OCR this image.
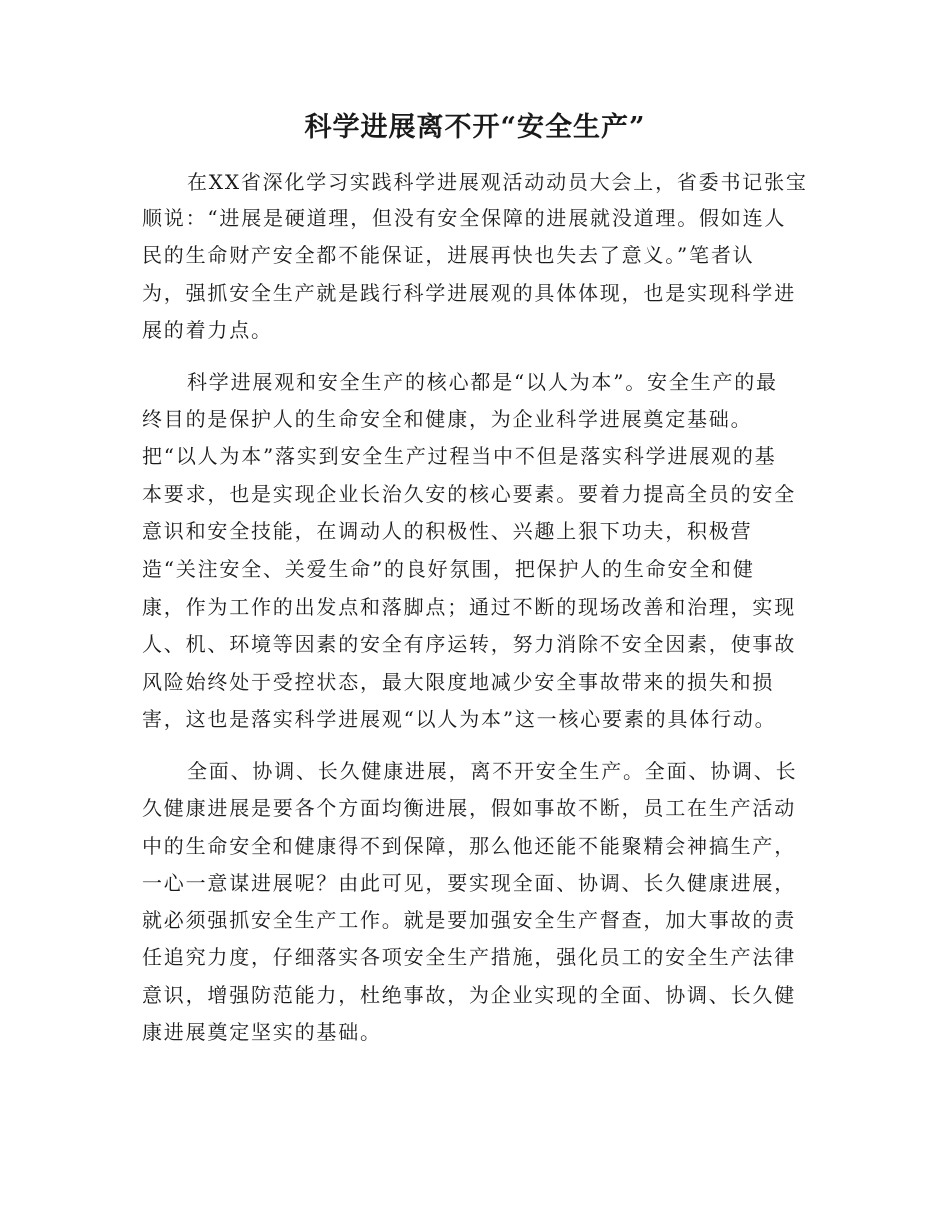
科学进展离不开“安全生产”
在XX省深化学习实践科学进展观活动动员大会上，省委书记张宝
顺说：“进展是硬道理，但没有安全保障的进展就没道理。假如连人
民的生命财产安全都不能保证，进展再快也失去了意义。”笔者认
为，强抓安全生产就是践行科学进展观的具体体现，也是实现科学进
展的着力点。
科学进展观和安全生产的核心都是“以人为本”。安全生产的最
终目的是保护人的生命安全和健康，为企业科学进展奠定基础。
把“以人为本”落实到安全生产过程当中不但是落实科学进展观的基
本要求，也是实现企业长治久安的核心要素。要着力提高全员的安全
意识和安全技能，在调动人的积极性、兴趣上狠下功夫，积极营
造“关注安全、关爱生命”的良好氛围，把保护人的生命安全和健
康，作为工作的出发点和落脚点；通过不断的现场改善和治理，实现
人、机、环境等因素的安全有序运转，努力消除不安全因素，使事故
风险始终处于受控状态，最大限度地减少安全事故带来的损失和损
害，这也是落实科学进展观“以人为本”这一核心要素的具体行动。
全面、协调、长久健康进展，离不开安全生产。全面、协调、长
久健康进展是要各个方面均衡进展，假如事故不断，员工在生产活动
中的生命安全和健康得不到保障，那么他还能不能聚精会神搞生产，
一心一意谋进展呢？由此可见，要实现全面、协调、长久健康进展，
就必须强抓安全生产工作。就是要加强安全生产督查，加大事故的责
任追究力度，仔细落实各项安全生产措施，强化员工的安全生产法律
意识，增强防范能力，杜绝事故，为企业实现的全面、协调、长久健
康进展奠定坚实的基础。
